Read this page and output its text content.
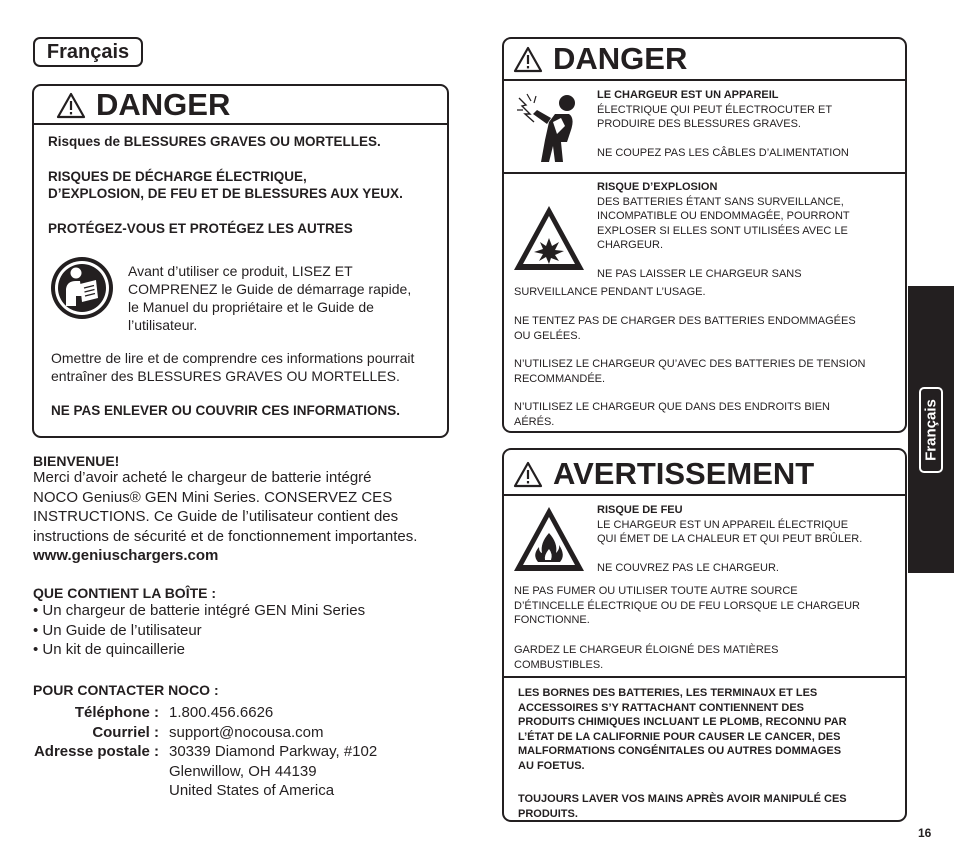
Français
DANGER
Risques de BLESSURES GRAVES OU MORTELLES.
RISQUES DE DÉCHARGE ÉLECTRIQUE,
D’EXPLOSION, DE FEU ET DE BLESSURES AUX YEUX.
PROTÉGEZ-VOUS ET PROTÉGEZ LES AUTRES
Avant d’utiliser ce produit, LISEZ ET
COMPRENEZ le Guide de démarrage rapide,
le Manuel du propriétaire et le Guide de
l’utilisateur.
Omettre de lire et de comprendre ces informations pourrait
entraîner des BLESSURES GRAVES OU MORTELLES.
NE PAS ENLEVER OU COUVRIR CES INFORMATIONS.
BIENVENUE!
Merci d’avoir acheté le chargeur de batterie intégré
NOCO Genius® GEN Mini Series. CONSERVEZ CES
INSTRUCTIONS. Ce Guide de l’utilisateur contient des
instructions de sécurité et de fonctionnement importantes.
www.geniuschargers.com
QUE CONTIENT LA BOÎTE :
• Un chargeur de batterie intégré GEN Mini Series
• Un Guide de l’utilisateur
• Un kit de quincaillerie
POUR CONTACTER NOCO :
Téléphone : 1.800.456.6626
Courriel : support@nocousa.com
Adresse postale : 30339 Diamond Parkway, #102
Glenwillow, OH 44139
United States of America
DANGER
LE CHARGEUR EST UN APPAREIL
ÉLECTRIQUE QUI PEUT ÉLECTROCUTER ET
PRODUIRE DES BLESSURES GRAVES.
NE COUPEZ PAS LES CÂBLES D’ALIMENTATION
RISQUE D’EXPLOSION
DES BATTERIES ÉTANT SANS SURVEILLANCE,
INCOMPATIBLE OU ENDOMMAGÉE, POURRONT
EXPLOSER SI ELLES SONT UTILISÉES AVEC LE
CHARGEUR.
NE PAS LAISSER LE CHARGEUR SANS
SURVEILLANCE PENDANT L’USAGE.
NE TENTEZ PAS DE CHARGER DES BATTERIES ENDOMMAGÉES
OU GELÉES.
N’UTILISEZ LE CHARGEUR QU’AVEC DES BATTERIES DE TENSION
RECOMMANDÉE.
N’UTILISEZ LE CHARGEUR QUE DANS DES ENDROITS BIEN
AÉRÉS.
AVERTISSEMENT
RISQUE DE FEU
LE CHARGEUR EST UN APPAREIL ÉLECTRIQUE
QUI ÉMET DE LA CHALEUR ET QUI PEUT BRÛLER.
NE COUVREZ PAS LE CHARGEUR.
NE PAS FUMER OU UTILISER TOUTE AUTRE SOURCE
D’ÉTINCELLE ÉLECTRIQUE OU DE FEU LORSQUE LE CHARGEUR
FONCTIONNE.
GARDEZ LE CHARGEUR ÉLOIGNÉ DES MATIÈRES
COMBUSTIBLES.
LES BORNES DES BATTERIES, LES TERMINAUX ET LES
ACCESSOIRES S’Y RATTACHANT CONTIENNENT DES
PRODUITS CHIMIQUES INCLUANT LE PLOMB, RECONNU PAR
L’ÉTAT DE LA CALIFORNIE POUR CAUSER LE CANCER, DES
MALFORMATIONS CONGÉNITALES OU AUTRES DOMMAGES
AU FOETUS.
TOUJOURS LAVER VOS MAINS APRÈS AVOIR MANIPULÉ CES
PRODUITS.
Français
16
